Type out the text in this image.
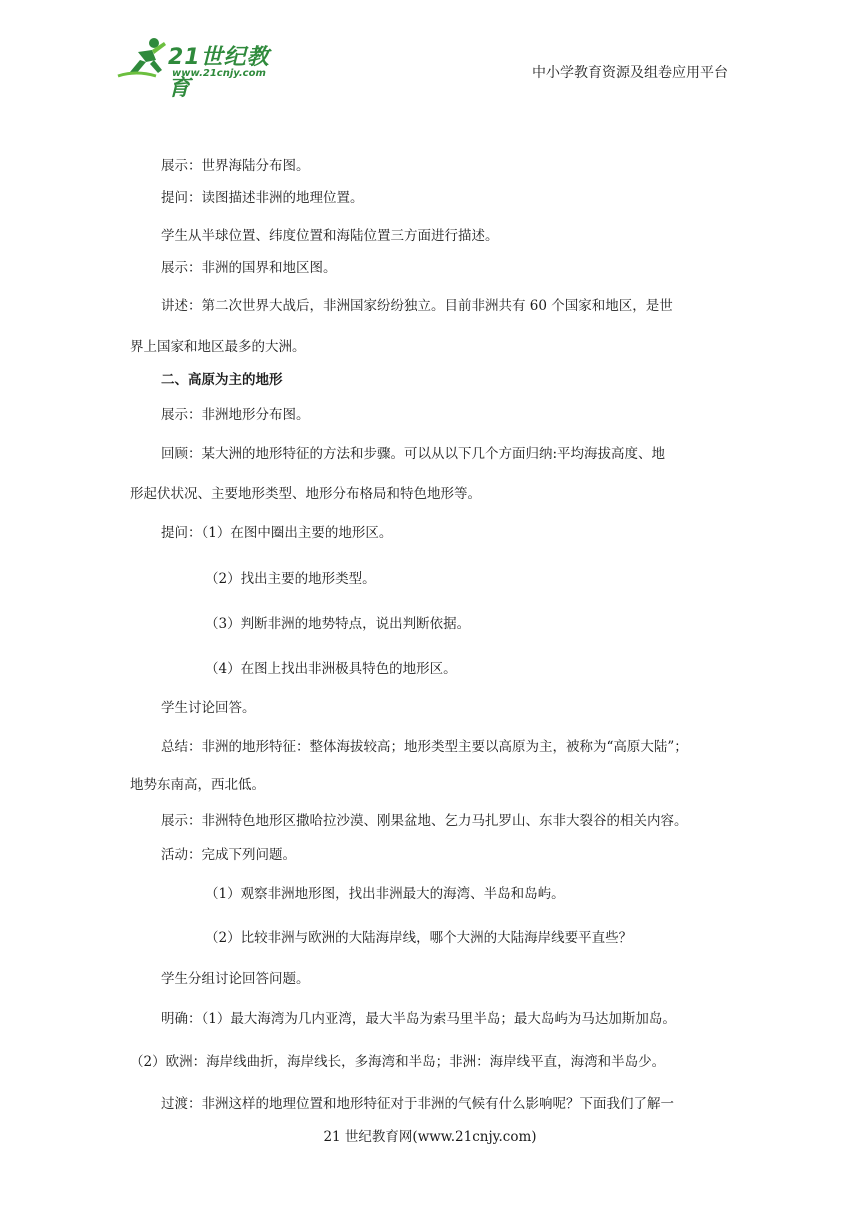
21世纪教育
www.21cnjy.com	中小学教育资源及组卷应用平台
展示：世界海陆分布图。
提问：读图描述非洲的地理位置。
学生从半球位置、纬度位置和海陆位置三方面进行描述。
展示：非洲的国界和地区图。
讲述：第二次世界大战后，非洲国家纷纷独立。目前非洲共有 60 个国家和地区，是世
界上国家和地区最多的大洲。
二、高原为主的地形
展示：非洲地形分布图。
回顾：某大洲的地形特征的方法和步骤。可以从以下几个方面归纳:平均海拔高度、地
形起伏状况、主要地形类型、地形分布格局和特色地形等。
提问：（1）在图中圈出主要的地形区。
（2）找出主要的地形类型。
（3）判断非洲的地势特点，说出判断依据。
（4）在图上找出非洲极具特色的地形区。
学生讨论回答。
总结：非洲的地形特征：整体海拔较高；地形类型主要以高原为主，被称为“高原大陆”；
地势东南高，西北低。
展示：非洲特色地形区撒哈拉沙漠、刚果盆地、乞力马扎罗山、东非大裂谷的相关内容。
活动：完成下列问题。
（1）观察非洲地形图，找出非洲最大的海湾、半岛和岛屿。
（2）比较非洲与欧洲的大陆海岸线，哪个大洲的大陆海岸线要平直些？
学生分组讨论回答问题。
明确：（1）最大海湾为几内亚湾，最大半岛为索马里半岛；最大岛屿为马达加斯加岛。
（2）欧洲：海岸线曲折，海岸线长，多海湾和半岛；非洲：海岸线平直，海湾和半岛少。
过渡：非洲这样的地理位置和地形特征对于非洲的气候有什么影响呢？下面我们了解一
21 世纪教育网(www.21cnjy.com)
